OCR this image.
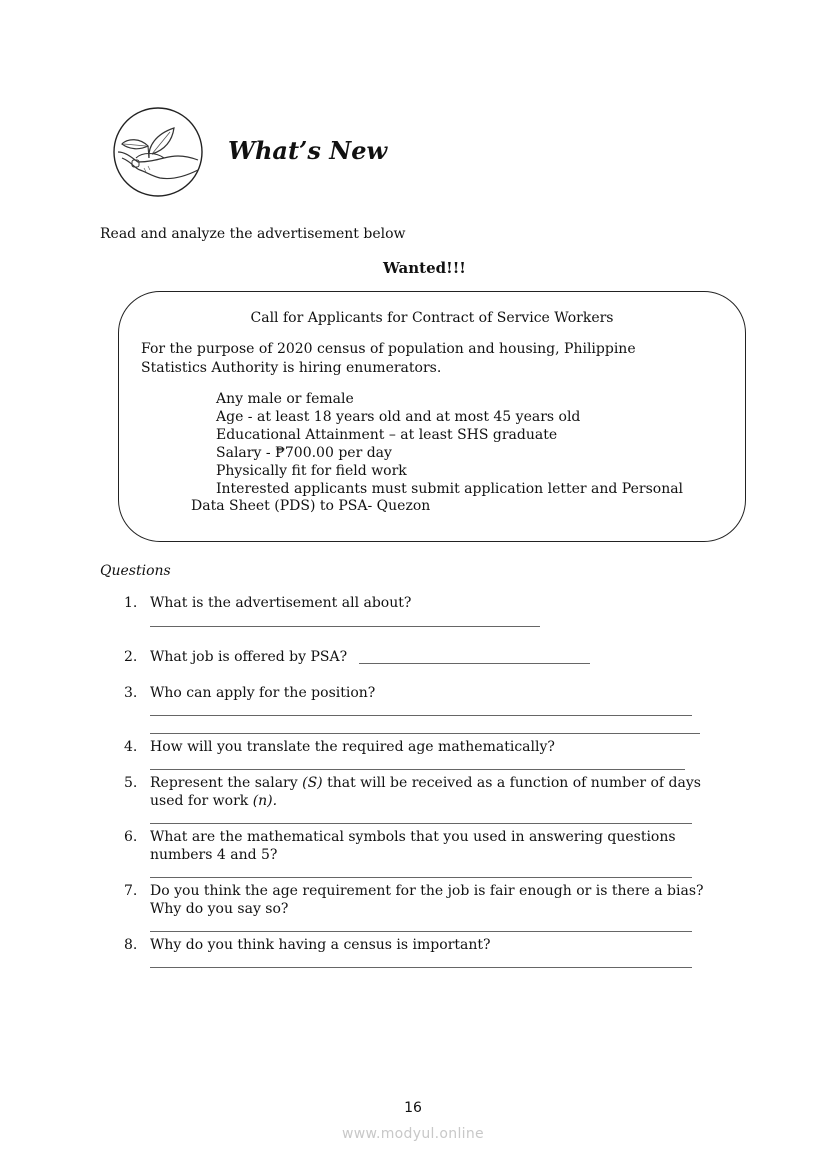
What’s New
Read and analyze the advertisement below
Wanted!!!
Call for Applicants for Contract of Service Workers
For the purpose of 2020 census of population and housing, Philippine
Statistics Authority is hiring enumerators.
Any male or female
Age - at least 18 years old and at most 45 years old
Educational Attainment – at least SHS graduate
Salary - ₱700.00 per day
Physically fit for field work
Interested applicants must submit application letter and Personal
Data Sheet (PDS) to PSA- Quezon
Questions
1. What is the advertisement all about?
2. What job is offered by PSA?
3. Who can apply for the position?
4. How will you translate the required age mathematically?
5. Represent the salary (S) that will be received as a function of number of days
used for work (n).
6. What are the mathematical symbols that you used in answering questions
numbers 4 and 5?
7. Do you think the age requirement for the job is fair enough or is there a bias?
Why do you say so?
8. Why do you think having a census is important?
16
www.modyul.online
